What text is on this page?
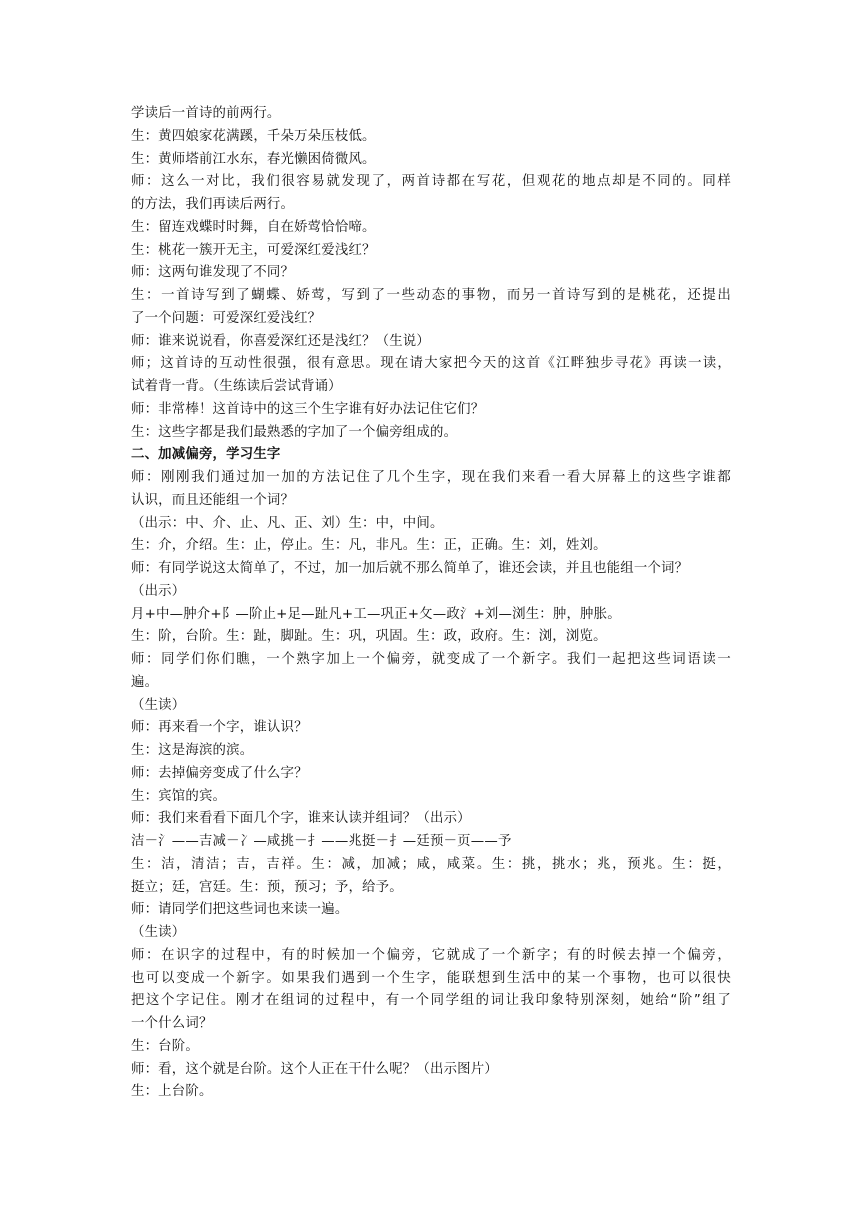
学读后一首诗的前两行。
生：黄四娘家花满蹊，千朵万朵压枝低。
生：黄师塔前江水东，春光懒困倚微风。
师：这么一对比，我们很容易就发现了，两首诗都在写花，但观花的地点却是不同的。同样
的方法，我们再读后两行。
生：留连戏蝶时时舞，自在娇莺恰恰啼。
生：桃花一簇开无主，可爱深红爱浅红？
师：这两句谁发现了不同？
生：一首诗写到了蝴蝶、娇莺，写到了一些动态的事物，而另一首诗写到的是桃花，还提出
了一个问题：可爱深红爱浅红？
师：谁来说说看，你喜爱深红还是浅红？（生说）
师；这首诗的互动性很强，很有意思。现在请大家把今天的这首《江畔独步寻花》再读一读，
试着背一背。（生练读后尝试背诵）
师：非常棒！这首诗中的这三个生字谁有好办法记住它们？
生：这些字都是我们最熟悉的字加了一个偏旁组成的。
二、加减偏旁，学习生字
师：刚刚我们通过加一加的方法记住了几个生字，现在我们来看一看大屏幕上的这些字谁都
认识，而且还能组一个词？
（出示：中、介、止、凡、正、刘）生：中，中间。
生：介，介绍。生：止，停止。生：凡，非凡。生：正，正确。生：刘，姓刘。
师：有同学说这太简单了，不过，加一加后就不那么简单了，谁还会读，并且也能组一个词？
（出示）
月+中—肿介+阝—阶止+足—趾凡+工—巩正+攵—政氵+刘—浏生：肿，肿胀。
生：阶，台阶。生：趾，脚趾。生：巩，巩固。生：政，政府。生：浏，浏览。
师：同学们你们瞧，一个熟字加上一个偏旁，就变成了一个新字。我们一起把这些词语读一
遍。
（生读）
师：再来看一个字，谁认识？
生：这是海滨的滨。
师：去掉偏旁变成了什么字？
生：宾馆的宾。
师：我们来看看下面几个字，谁来认读并组词？（出示）
洁－氵——吉减－冫—咸挑－扌——兆挺－扌—廷预－页——予
生：洁，清洁；吉，吉祥。生：减，加减；咸，咸菜。生：挑，挑水；兆，预兆。生：挺，
挺立；廷，宫廷。生：预，预习；予，给予。
师：请同学们把这些词也来读一遍。
（生读）
师：在识字的过程中，有的时候加一个偏旁，它就成了一个新字；有的时候去掉一个偏旁，
也可以变成一个新字。如果我们遇到一个生字，能联想到生活中的某一个事物，也可以很快
把这个字记住。刚才在组词的过程中，有一个同学组的词让我印象特别深刻，她给“阶”组了
一个什么词？
生：台阶。
师：看，这个就是台阶。这个人正在干什么呢？（出示图片）
生：上台阶。
